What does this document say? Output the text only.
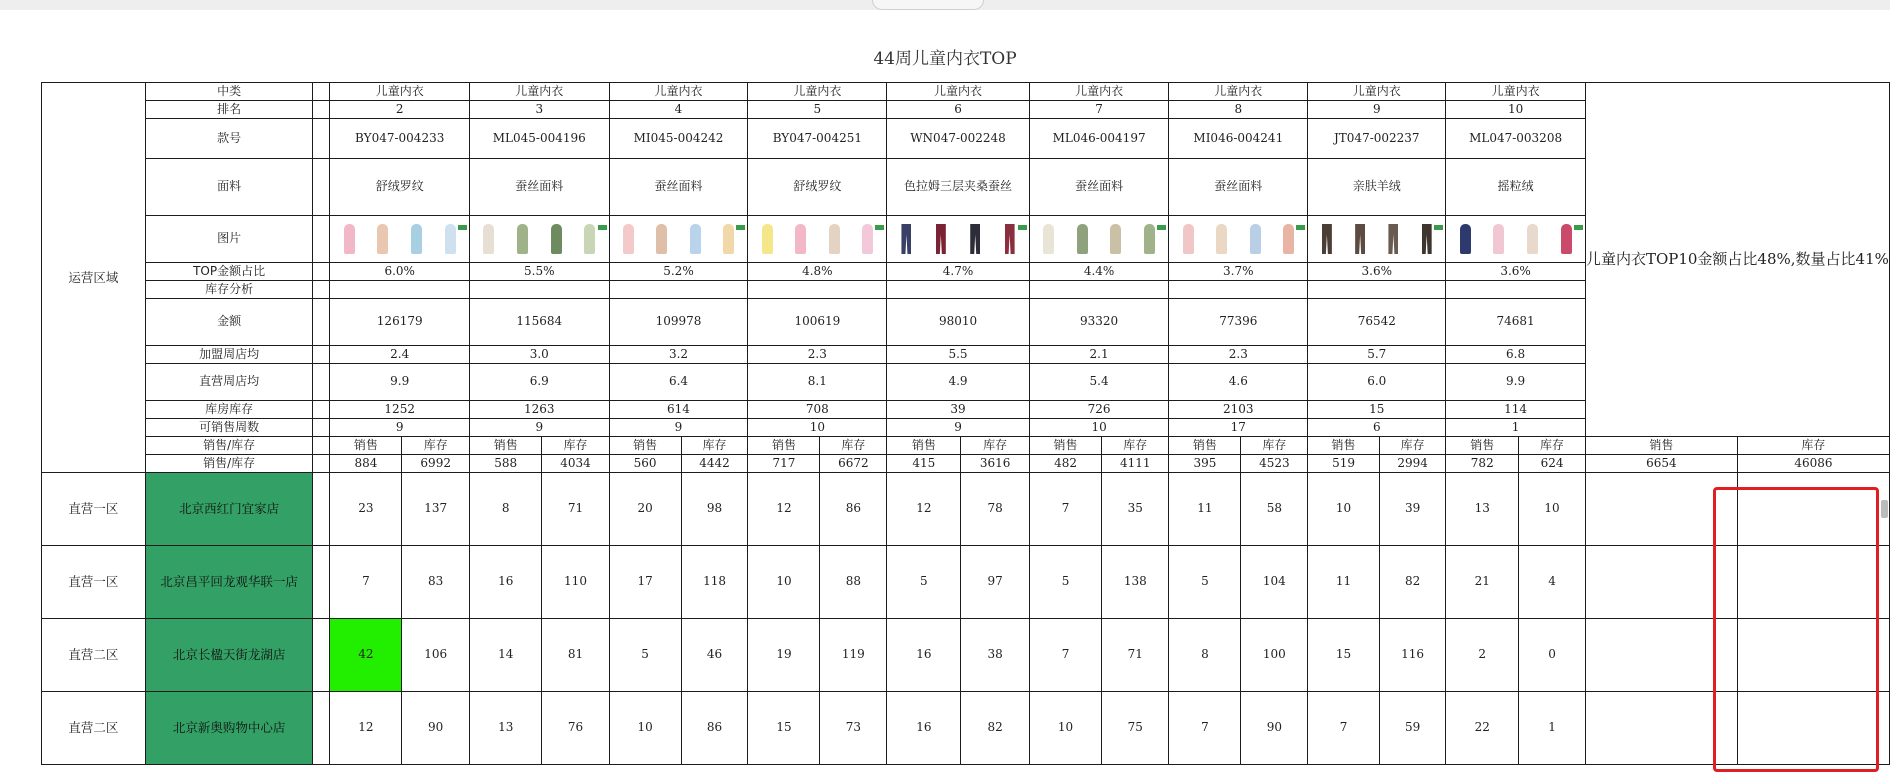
44周儿童内衣TOP
运营区域	中类		儿童内衣		儿童内衣		儿童内衣		儿童内衣		儿童内衣		儿童内衣		儿童内衣		儿童内衣		儿童内衣		儿童内衣TOP10金额占比48%,数量占比41%	
	排名		2		3		4		5		6		7		8		9		10			
	款号		BY047-004233		ML045-004196		MI045-004242		BY047-004251		WN047-002248		ML046-004197		MI046-004241		JT047-002237		ML047-003208			
	面料		舒绒罗纹		蚕丝面料		蚕丝面料		舒绒罗纹		色拉姆三层夹桑蚕丝		蚕丝面料		蚕丝面料		亲肤羊绒		摇粒绒			
	图片													

	TOP金额占比		6.0%		5.5%		5.2%		4.8%		4.7%		4.4%		3.7%		3.6%		3.6%			
	库存分析																					
	金额		126179		115684		109978		100619		98010		93320		77396		76542		74681			
	加盟周店均		2.4		3.0		3.2		2.3		5.5		2.1		2.3		5.7		6.8			
	直营周店均		9.9		6.9		6.4		8.1		4.9		5.4		4.6		6.0		9.9			
	库房库存		1252		1263		614		708		39		726		2103		15		114			
	可销售周数		9		9		9		10		9		10		17		6		1			
	销售/库存		销售	库存	销售	库存	销售	库存	销售	库存	销售	库存	销售	库存	销售	库存	销售	库存	销售	库存	销售	库存
	销售/库存		884	6992	588	4034	560	4442	717	6672	415	3616	482	4111	395	4523	519	2994	782	624	6654	46086
直营一区	北京西红门宜家店		23	137	8	71	20	98	12	86	12	78	7	35	11	58	10	39	13	10		
直营一区	北京昌平回龙观华联一店		7	83	16	110	17	118	10	88	5	97	5	138	5	104	11	82	21	4		
直营二区	北京长楹天街龙湖店		42	106	14	81	5	46	19	119	16	38	7	71	8	100	15	116	2	0		
直营二区	北京新奥购物中心店		12	90	13	76	10	86	15	73	16	82	10	75	7	90	7	59	22	1		
